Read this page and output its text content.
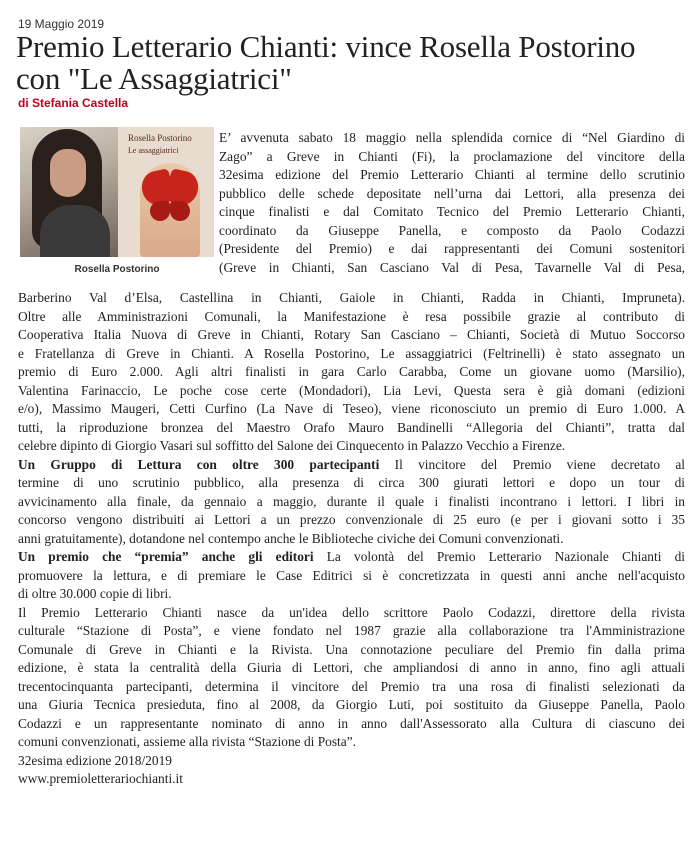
19 Maggio 2019
Premio Letterario Chianti: vince Rosella Postorino
con "Le Assaggiatrici"
di Stefania Castella
Rosella Postorino
Le assaggiatrici
Rosella Postorino
E’ avvenuta sabato 18 maggio nella splendida cornice di “Nel Giardino di
Zago” a Greve in Chianti (Fi), la proclamazione del vincitore della
32esima edizione del Premio Letterario Chianti al termine dello scrutinio
pubblico delle schede depositate nell’urna dai Lettori, alla presenza dei
cinque finalisti e dal Comitato Tecnico del Premio Letterario Chianti,
coordinato da Giuseppe Panella, e composto da Paolo Codazzi
(Presidente del Premio) e dai rappresentanti dei Comuni sostenitori
(Greve in Chianti, San Casciano Val di Pesa, Tavarnelle Val di Pesa,

Barberino Val d’Elsa, Castellina in Chianti, Gaiole in Chianti, Radda in Chianti, Impruneta).
Oltre alle Amministrazioni Comunali, la Manifestazione è resa possibile grazie al contributo di
Cooperativa Italia Nuova di Greve in Chianti, Rotary San Casciano – Chianti, Società di Mutuo Soccorso
e Fratellanza di Greve in Chianti. A Rosella Postorino, Le assaggiatrici (Feltrinelli) è stato assegnato un
premio di Euro 2.000. Agli altri finalisti in gara Carlo Carabba, Come un giovane uomo (Marsilio),
Valentina Farinaccio, Le poche cose certe (Mondadori), Lia Levi, Questa sera è già domani (edizioni
e/o), Massimo Maugeri, Cetti Curfino (La Nave di Teseo), viene riconosciuto un premio di Euro 1.000. A
tutti, la riproduzione bronzea del Maestro Orafo Mauro Bandinelli “Allegoria del Chianti”, tratta dal
celebre dipinto di Giorgio Vasari sul soffitto del Salone dei Cinquecento in Palazzo Vecchio a Firenze.

Un Gruppo di Lettura con oltre 300 partecipanti Il vincitore del Premio viene decretato al
termine di uno scrutinio pubblico, alla presenza di circa 300 giurati lettori e dopo un tour di
avvicinamento alla finale, da gennaio a maggio, durante il quale i finalisti incontrano i lettori. I libri in
concorso vengono distribuiti ai Lettori a un prezzo convenzionale di 25 euro (e per i giovani sotto i 35
anni gratuitamente), dotandone nel contempo anche le Biblioteche civiche dei Comuni convenzionati.

Un premio che “premia” anche gli editori La volontà del Premio Letterario Nazionale Chianti di
promuovere la lettura, e di premiare le Case Editrici si è concretizzata in questi anni anche nell'acquisto
di oltre 30.000 copie di libri.

Il Premio Letterario Chianti nasce da un'idea dello scrittore Paolo Codazzi, direttore della rivista
culturale “Stazione di Posta”, e viene fondato nel 1987 grazie alla collaborazione tra l'Amministrazione
Comunale di Greve in Chianti e la Rivista. Una connotazione peculiare del Premio fin dalla prima
edizione, è stata la centralità della Giuria di Lettori, che ampliandosi di anno in anno, fino agli attuali
trecentocinquanta partecipanti, determina il vincitore del Premio tra una rosa di finalisti selezionati da
una Giuria Tecnica presieduta, fino al 2008, da Giorgio Luti, poi sostituito da Giuseppe Panella, Paolo
Codazzi e un rappresentante nominato di anno in anno dall'Assessorato alla Cultura di ciascuno dei
comuni convenzionati, assieme alla rivista “Stazione di Posta”.

32esima edizione 2018/2019
www.premioletterariochianti.it
